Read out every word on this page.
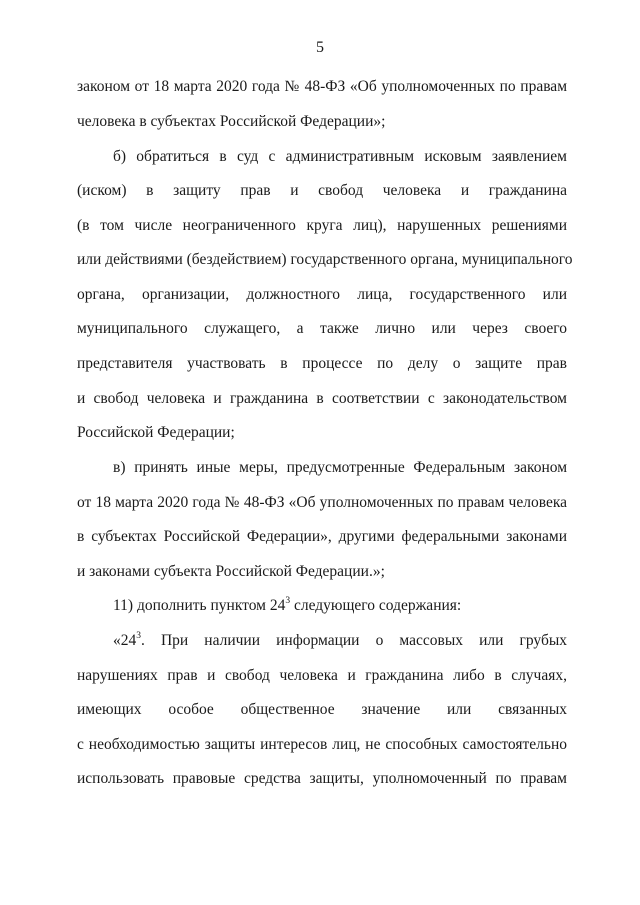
5
законом от 18 марта 2020 года № 48-ФЗ «Об уполномоченных по правам
человека в субъектах Российской Федерации»;
б) обратиться в суд с административным исковым заявлением
(иском) в защиту прав и свобод человека и гражданина
(в том числе неограниченного круга лиц), нарушенных решениями
или действиями (бездействием) государственного органа, муниципального
органа, организации, должностного лица, государственного или
муниципального служащего, а также лично или через своего
представителя участвовать в процессе по делу о защите прав
и свобод человека и гражданина в соответствии с законодательством
Российской Федерации;
в) принять иные меры, предусмотренные Федеральным законом
от 18 марта 2020 года № 48-ФЗ «Об уполномоченных по правам человека
в субъектах Российской Федерации», другими федеральными законами
и законами субъекта Российской Федерации.»;
11) дополнить пунктом $24^3$ следующего содержания:
«$24^3$. При наличии информации о массовых или грубых
нарушениях прав и свобод человека и гражданина либо в случаях,
имеющих особое общественное значение или связанных
с необходимостью защиты интересов лиц, не способных самостоятельно
использовать правовые средства защиты, уполномоченный по правам
